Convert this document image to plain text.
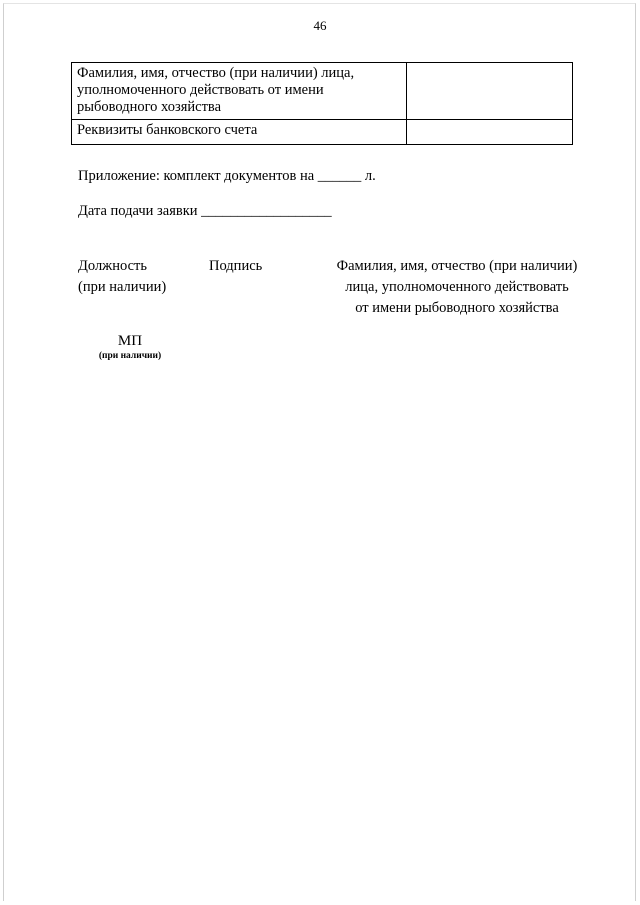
46
Фамилия, имя, отчество (при наличии) лица,
уполномоченного действовать от имени
рыбоводного хозяйства	

Реквизиты банковского счета	

Приложение: комплект документов на ______ л.
Дата подачи заявки __________________
Должность
(при наличии)
Подпись	Фамилия, имя, отчество (при наличии)
лица, уполномоченного действовать
от имени рыбоводного хозяйства
МП
(при наличии)
